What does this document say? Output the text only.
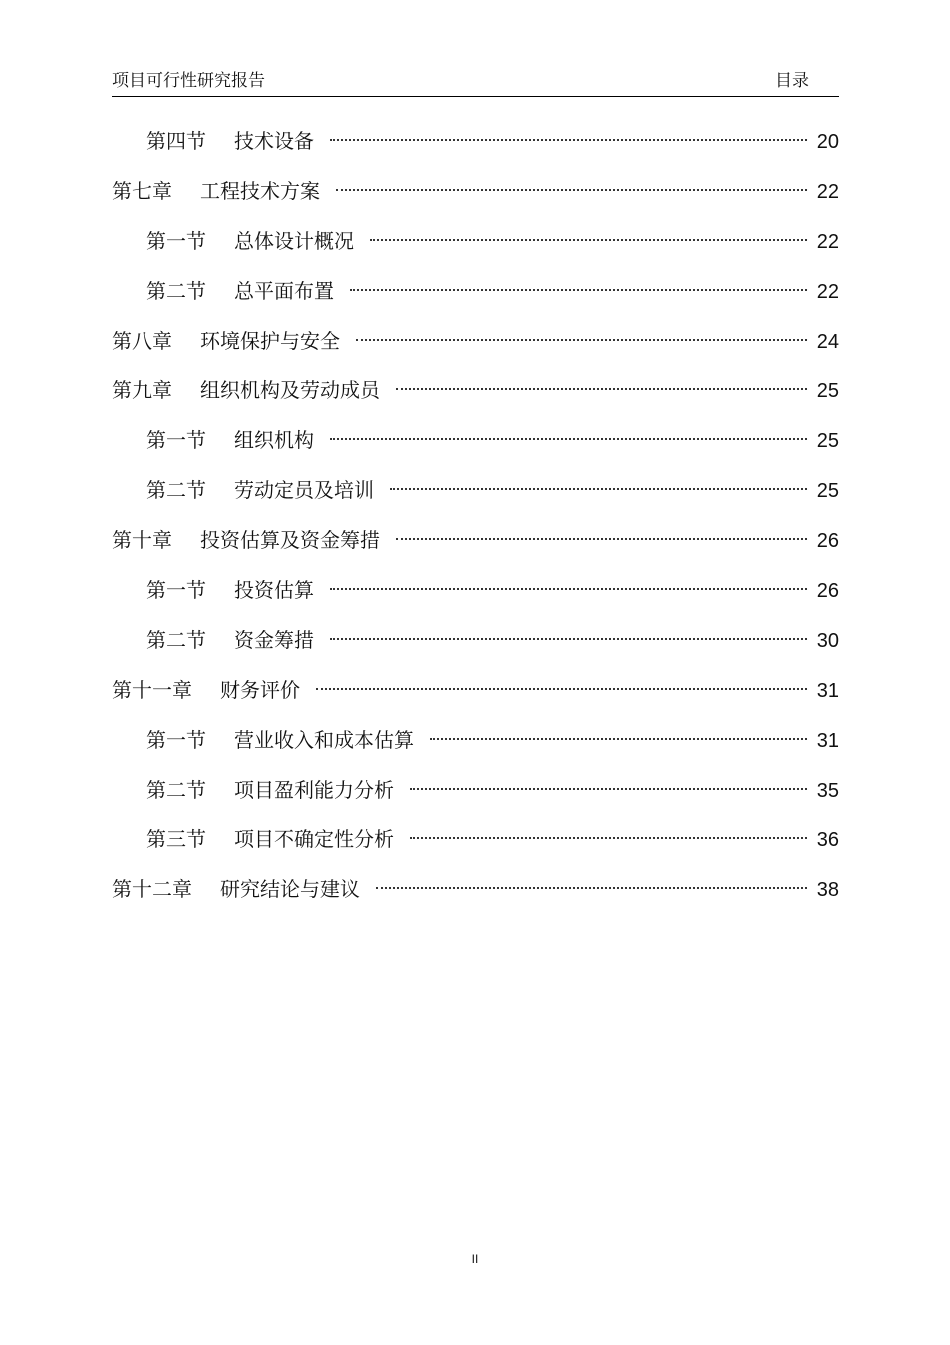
项目可行性研究报告	目录
第四节 技术设备	20
第七章 工程技术方案	22
第一节 总体设计概况	22
第二节 总平面布置	22
第八章 环境保护与安全	24
第九章 组织机构及劳动成员	25
第一节 组织机构	25
第二节 劳动定员及培训	25
第十章 投资估算及资金筹措	26
第一节 投资估算	26
第二节 资金筹措	30
第十一章 财务评价	31
第一节 营业收入和成本估算	31
第二节 项目盈利能力分析	35
第三节 项目不确定性分析	36
第十二章 研究结论与建议	38
II
